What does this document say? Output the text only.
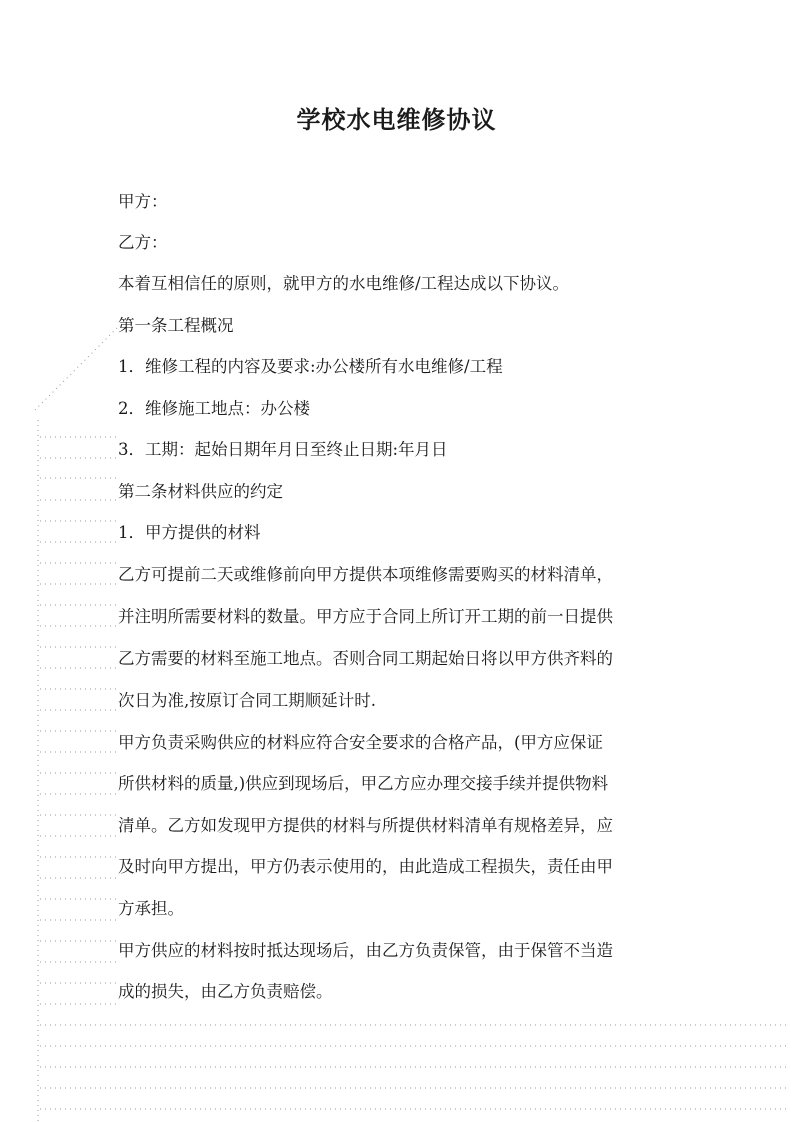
学校水电维修协议
甲方：
乙方：
本着互相信任的原则，就甲方的水电维修/工程达成以下协议。
第一条工程概况
1．维修工程的内容及要求:办公楼所有水电维修/工程
2．维修施工地点：办公楼
3．工期：起始日期年月日至终止日期:年月日
第二条材料供应的约定
1．甲方提供的材料
乙方可提前二天或维修前向甲方提供本项维修需要购买的材料清单，
并注明所需要材料的数量。甲方应于合同上所订开工期的前一日提供
乙方需要的材料至施工地点。否则合同工期起始日将以甲方供齐料的
次日为准,按原订合同工期顺延计时.
甲方负责采购供应的材料应符合安全要求的合格产品，(甲方应保证
所供材料的质量,)供应到现场后，甲乙方应办理交接手续并提供物料
清单。乙方如发现甲方提供的材料与所提供材料清单有规格差异，应
及时向甲方提出，甲方仍表示使用的，由此造成工程损失，责任由甲
方承担。
甲方供应的材料按时抵达现场后，由乙方负责保管，由于保管不当造
成的损失，由乙方负责赔偿。
